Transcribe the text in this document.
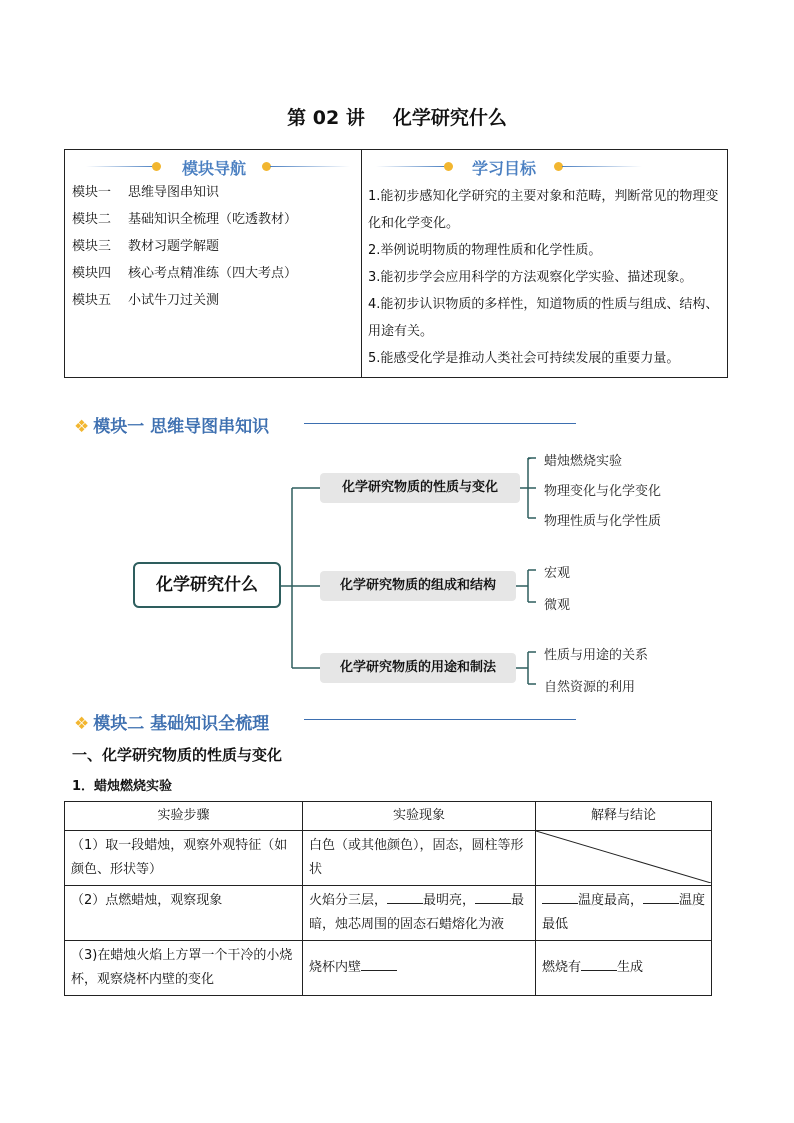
第 02 讲 化学研究什么
模块导航
模块一 思维导图串知识
模块二 基础知识全梳理（吃透教材）
模块三 教材习题学解题
模块四 核心考点精准练（四大考点）
模块五 小试牛刀过关测
学习目标
1.能初步感知化学研究的主要对象和范畴，判断常见的物理变化和化学变化。
2.举例说明物质的物理性质和化学性质。
3.能初步学会应用科学的方法观察化学实验、描述现象。
4.能初步认识物质的多样性，知道物质的性质与组成、结构、用途有关。
5.能感受化学是推动人类社会可持续发展的重要力量。
❖ 模块一 思维导图串知识
化学研究什么
化学研究物质的性质与变化
化学研究物质的组成和结构
化学研究物质的用途和制法
蜡烛燃烧实验
物理变化与化学变化
物理性质与化学性质
宏观
微观
性质与用途的关系
自然资源的利用
❖ 模块二 基础知识全梳理
一、化学研究物质的性质与变化
1．蜡烛燃烧实验
实验步骤	实验现象	解释与结论
（1）取一段蜡烛，观察外观特征（如颜色、形状等）	白色（或其他颜色），固态，圆柱等形状	

（2）点燃蜡烛，观察现象	火焰分三层， 最明亮， 最暗，烛芯周围的固态石蜡熔化为液	温度最高， 温度最低
（3)在蜡烛火焰上方罩一个干冷的小烧杯，观察烧杯内壁的变化	烧杯内壁	燃烧有 生成
